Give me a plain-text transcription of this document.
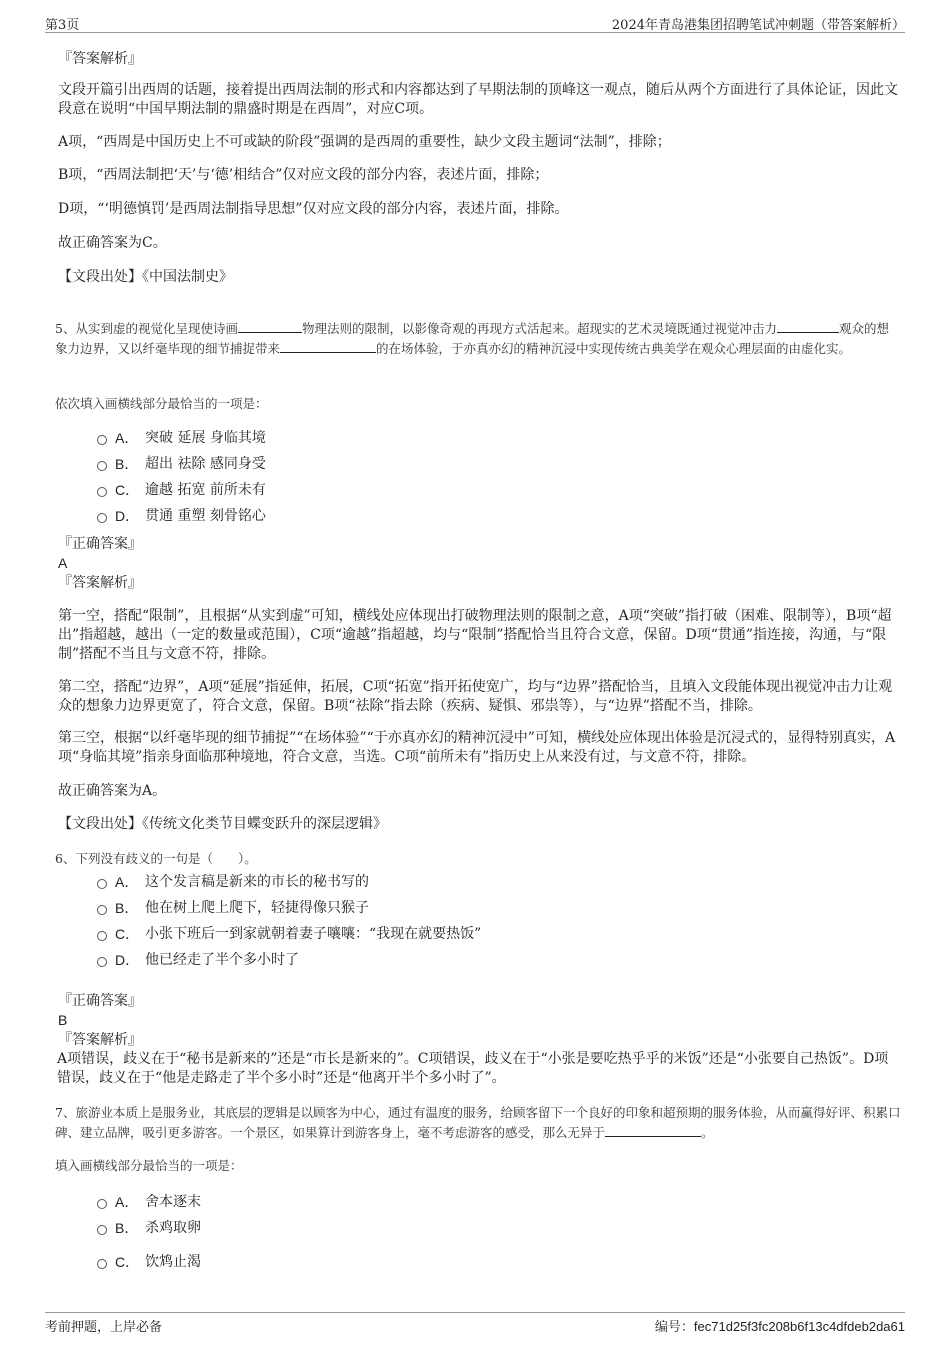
第3页	2024年青岛港集团招聘笔试冲刺题（带答案解析）
『答案解析』
文段开篇引出西周的话题，接着提出西周法制的形式和内容都达到了早期法制的顶峰这一观点，随后从两个方面进行了具体论证，因此文段意在说明“中国早期法制的鼎盛时期是在西周”，对应C项。
A项，“西周是中国历史上不可或缺的阶段”强调的是西周的重要性，缺少文段主题词“法制”，排除；
B项，“西周法制把‘天’与‘德’相结合”仅对应文段的部分内容，表述片面，排除；
D项，“‘明德慎罚’是西周法制指导思想”仅对应文段的部分内容，表述片面，排除。
故正确答案为C。
【文段出处】《中国法制史》
5、从实到虚的视觉化呈现使诗画	物理法则的限制，以影像奇观的再现方式活起来。超现实的艺术灵境既通过视觉冲击力	观众的想象力边界，又以纤毫毕现的细节捕捉带来	的在场体验，于亦真亦幻的精神沉浸中实现传统古典美学在观众心理层面的由虚化实。
依次填入画横线部分最恰当的一项是：
A． 突破 延展 身临其境
B． 超出 祛除 感同身受
C． 逾越 拓宽 前所未有
D． 贯通 重塑 刻骨铭心
『正确答案』
A
『答案解析』
第一空，搭配“限制”，且根据“从实到虚”可知，横线处应体现出打破物理法则的限制之意，A项“突破”指打破（困难、限制等），B项“超出”指超越，越出（一定的数量或范围），C项“逾越”指超越，均与“限制”搭配恰当且符合文意，保留。D项“贯通”指连接，沟通，与“限制”搭配不当且与文意不符，排除。
第二空，搭配“边界”，A项“延展”指延伸，拓展，C项“拓宽”指开拓使宽广，均与“边界”搭配恰当，且填入文段能体现出视觉冲击力让观众的想象力边界更宽了，符合文意，保留。B项“祛除”指去除（疾病、疑惧、邪祟等），与“边界”搭配不当，排除。
第三空，根据“以纤毫毕现的细节捕捉”“在场体验”“于亦真亦幻的精神沉浸中”可知，横线处应体现出体验是沉浸式的，显得特别真实，A项“身临其境”指亲身面临那种境地，符合文意，当选。C项“前所未有”指历史上从来没有过，与文意不符，排除。
故正确答案为A。
【文段出处】《传统文化类节目蝶变跃升的深层逻辑》
6、下列没有歧义的一句是（　　）。
A． 这个发言稿是新来的市长的秘书写的
B． 他在树上爬上爬下，轻捷得像只猴子
C． 小张下班后一到家就朝着妻子嚷嚷：“我现在就要热饭”
D． 他已经走了半个多小时了
『正确答案』
B
『答案解析』
A项错误，歧义在于“秘书是新来的”还是“市长是新来的”。C项错误，歧义在于“小张是要吃热乎乎的米饭”还是“小张要自己热饭”。D项错误，歧义在于“他是走路走了半个多小时”还是“他离开半个多小时了”。
7、旅游业本质上是服务业，其底层的逻辑是以顾客为中心，通过有温度的服务，给顾客留下一个良好的印象和超预期的服务体验，从而赢得好评、积累口碑、建立品牌，吸引更多游客。一个景区，如果算计到游客身上，毫不考虑游客的感受，那么无异于	。
填入画横线部分最恰当的一项是：
A． 舍本逐末
B． 杀鸡取卵
C． 饮鸩止渴
考前押题，上岸必备	编号：fec71d25f3fc208b6f13c4dfdeb2da61
